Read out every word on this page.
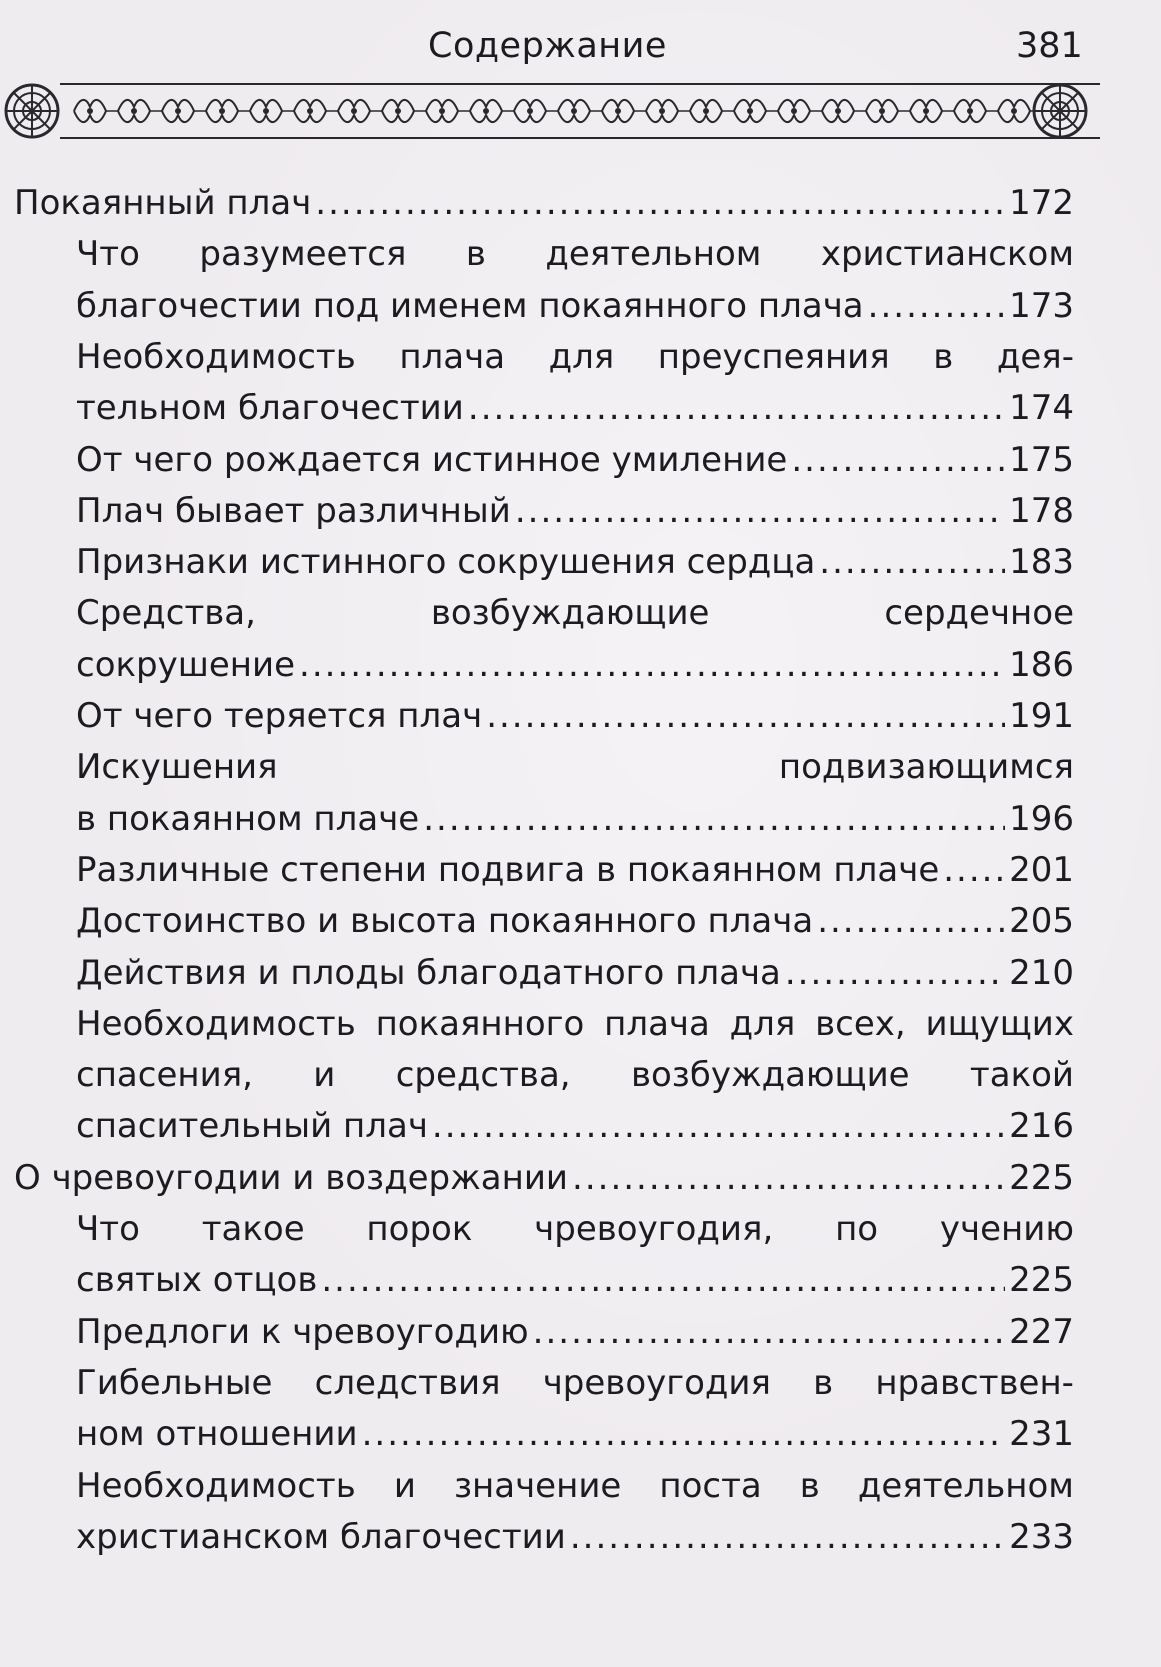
Содержание	381
Покаянный плач .....	172
Что разумеется в деятельном христианском
благочестии под именем покаянного плача .....	173
Необходимость плача для преуспеяния в дея-
тельном благочестии .....	174
От чего рождается истинное умиление .....	175
Плач бывает различный .....	178
Признаки истинного сокрушения сердца .....	183
Средства,	возбуждающие	сердечное
сокрушение .....	186
От чего теряется плач .....	191
Искушения	подвизающимся
в покаянном плаче .....	196
Различные степени подвига в покаянном плаче ..... 201
Достоинство и высота покаянного плача .....	205
Действия и плоды благодатного плача .....	210
Необходимость покаянного плача для всех, ищущих
спасения, и средства, возбуждающие такой
спасительный плач .....	216
О чревоугодии и воздержании .....	225
Что такое порок чревоугодия, по учению
святых отцов .....	225
Предлоги к чревоугодию .....	227
Гибельные следствия чревоугодия в нравствен-
ном отношении .....	231
Необходимость и значение поста в деятельном
христианском благочестии .....	233
